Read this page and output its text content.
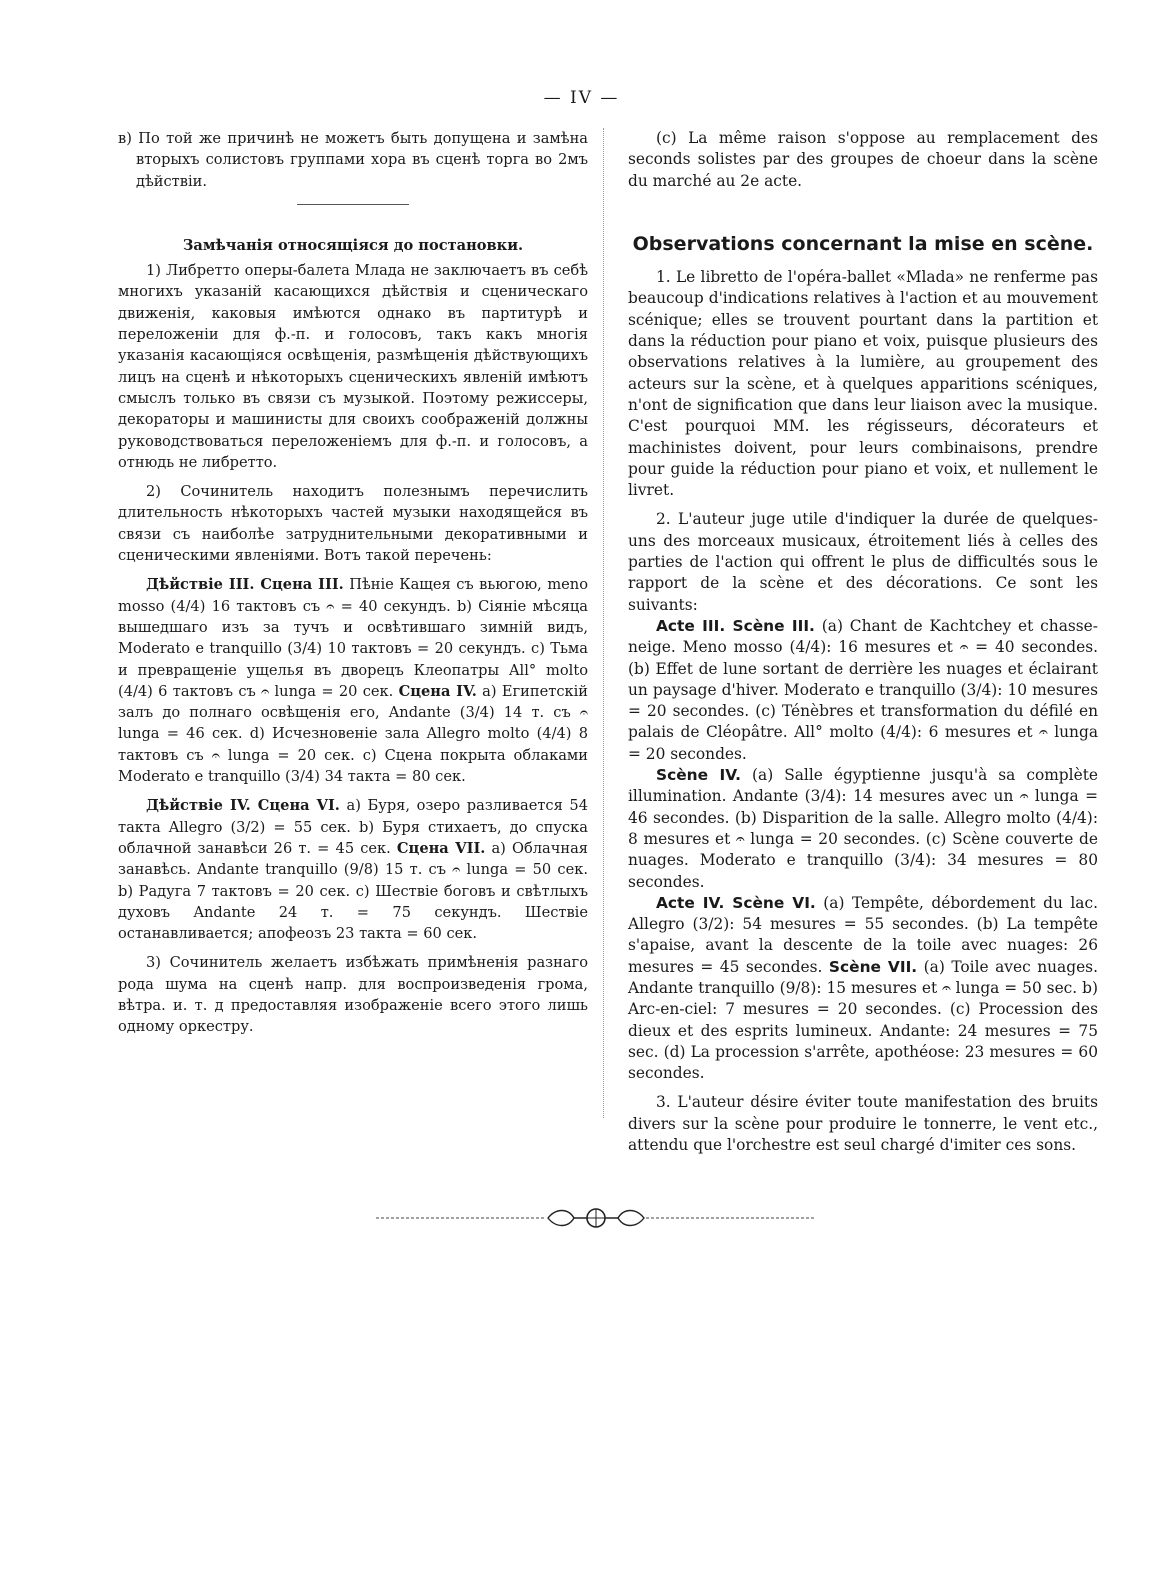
— IV —

в) По той же причинѣ не можетъ быть допущена и замѣна вторыхъ солистовъ группами хора въ сценѣ торга во 2мъ дѣйствіи.

Замѣчанія относящіяся до постановки.

1) Либретто оперы-балета Млада не заключаетъ въ себѣ многихъ указаній касающихся дѣйствія и сценическаго движенія, каковыя имѣются однако въ партитурѣ и переложеніи для ф.-п. и голосовъ, такъ какъ многія указанія касающіяся освѣщенія, размѣщенія дѣйствующихъ лицъ на сценѣ и нѣкоторыхъ сценическихъ явленій имѣютъ смыслъ только въ связи съ музыкой. Поэтому режиссеры, декораторы и машинисты для своихъ соображеній должны руководствоваться переложеніемъ для ф.-п. и голосовъ, а отнюдь не либретто.

2) Сочинитель находитъ полезнымъ перечислить длительность нѣкоторыхъ частей музыки находящейся въ связи съ наиболѣе затруднительными декоративными и сценическими явленіями. Вотъ такой перечень:

Дѣйствіе III. Сцена III. Пѣніе Кащея съ вьюгою, meno mosso (4/4) 16 тактовъ съ 𝄐 = 40 секундъ. b) Сіяніе мѣсяца вышедшаго изъ за тучъ и освѣтившаго зимній видъ, Moderato e tranquillo (3/4) 10 тактовъ = 20 секундъ. c) Тьма и превращеніе ущелья въ дворецъ Клеопатры All° molto (4/4) 6 тактовъ съ 𝄐 lunga = 20 сек. Сцена IV. a) Египетскій залъ до полнаго освѣщенія его, Andante (3/4) 14 т. съ 𝄐 lunga = 46 сек. d) Исчезновеніе зала Allegro molto (4/4) 8 тактовъ съ 𝄐 lunga = 20 сек. c) Сцена покрыта облаками Moderato e tranquillo (3/4) 34 такта = 80 сек.

Дѣйствіе IV. Сцена VI. a) Буря, озеро разливается 54 такта Allegro (3/2) = 55 сек. b) Буря стихаетъ, до спуска облачной занавѣси 26 т. = 45 сек. Сцена VII. a) Облачная занавѣсь. Andante tranquillo (9/8) 15 т. съ 𝄐 lunga = 50 сек. b) Радуга 7 тактовъ = 20 сек. c) Шествіе боговъ и свѣтлыхъ духовъ Andante 24 т. = 75 секундъ. Шествіе останавливается; апофеозъ 23 такта = 60 сек.

3) Сочинитель желаетъ избѣжать примѣненія разнаго рода шума на сценѣ напр. для воспроизведенія грома, вѣтра. и. т. д предоставляя изображеніе всего этого лишь одному оркестру.

(c) La même raison s'oppose au remplacement des seconds solistes par des groupes de choeur dans la scène du marché au 2e acte.

Observations concernant la mise en scène.

1. Le libretto de l'opéra-ballet «Mlada» ne renferme pas beaucoup d'indications relatives à l'action et au mouvement scénique; elles se trouvent pourtant dans la partition et dans la réduction pour piano et voix, puisque plusieurs des observations relatives à la lumière, au groupement des acteurs sur la scène, et à quelques apparitions scéniques, n'ont de signification que dans leur liaison avec la musique. C'est pourquoi MM. les régisseurs, décorateurs et machinistes doivent, pour leurs combinaisons, prendre pour guide la réduction pour piano et voix, et nullement le livret.

2. L'auteur juge utile d'indiquer la durée de quelques-uns des morceaux musicaux, étroitement liés à celles des parties de l'action qui offrent le plus de difficultés sous le rapport de la scène et des décorations. Ce sont les suivants:

Acte III. Scène III. (a) Chant de Kachtchey et chasse-neige. Meno mosso (4/4): 16 mesures et 𝄐 = 40 secondes. (b) Effet de lune sortant de derrière les nuages et éclairant un paysage d'hiver. Moderato e tranquillo (3/4): 10 mesures = 20 secondes. (c) Ténèbres et transformation du défilé en palais de Cléopâtre. All° molto (4/4): 6 mesures et 𝄐 lunga = 20 secondes.

Scène IV. (a) Salle égyptienne jusqu'à sa complète illumination. Andante (3/4): 14 mesures avec un 𝄐 lunga = 46 secondes. (b) Disparition de la salle. Allegro molto (4/4): 8 mesures et 𝄐 lunga = 20 secondes. (c) Scène couverte de nuages. Moderato e tranquillo (3/4): 34 mesures = 80 secondes.

Acte IV. Scène VI. (a) Tempête, débordement du lac. Allegro (3/2): 54 mesures = 55 secondes. (b) La tempête s'apaise, avant la descente de la toile avec nuages: 26 mesures = 45 secondes. Scène VII. (a) Toile avec nuages. Andante tranquillo (9/8): 15 mesures et 𝄐 lunga = 50 sec. b) Arc-en-ciel: 7 mesures = 20 secondes. (c) Procession des dieux et des esprits lumineux. Andante: 24 mesures = 75 sec. (d) La procession s'arrête, apothéose: 23 mesures = 60 secondes.

3. L'auteur désire éviter toute manifestation des bruits divers sur la scène pour produire le tonnerre, le vent etc., attendu que l'orchestre est seul chargé d'imiter ces sons.
